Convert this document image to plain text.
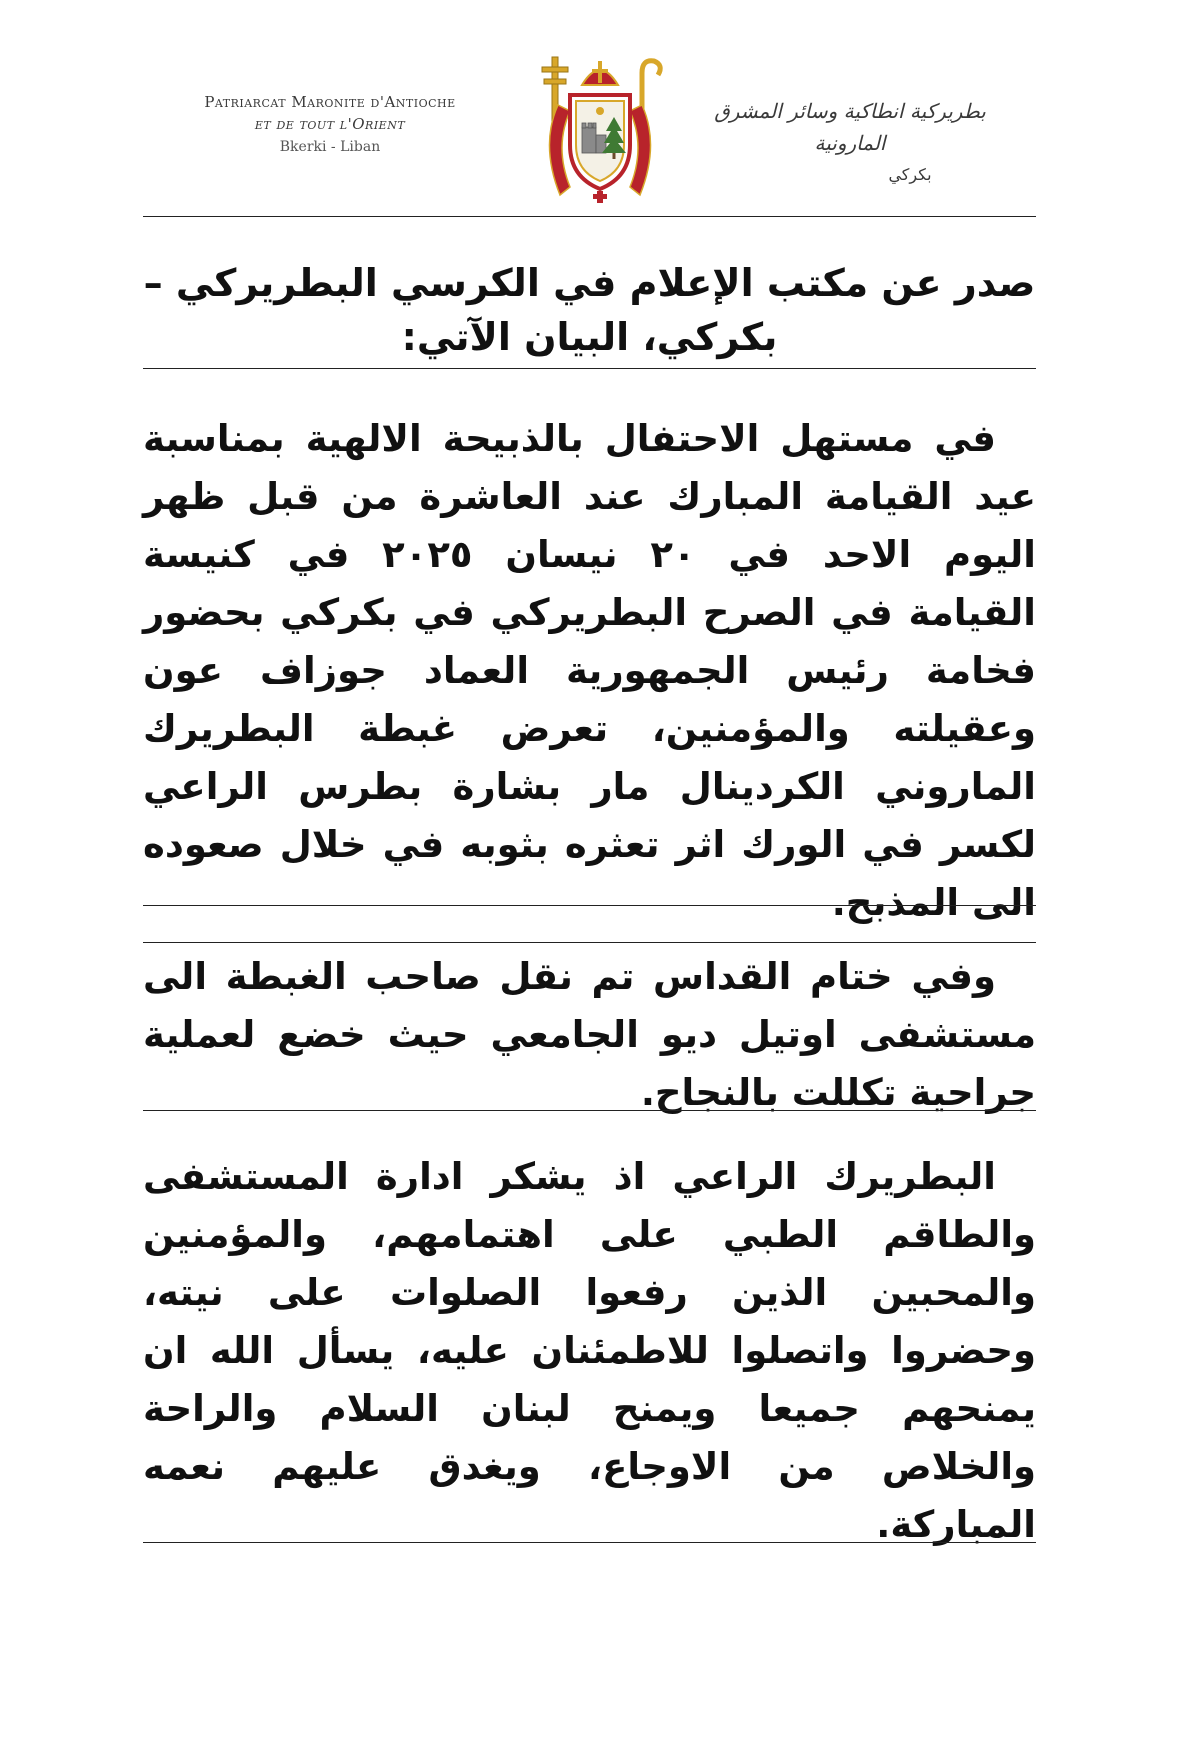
Patriarcat Maronite d'Antioche
et de tout l'Orient
Bkerki - Liban
بطريركية انطاكية وسائر المشرق المارونية
بكركي
صدر عن مكتب الإعلام في الكرسي البطريركي – بكركي، البيان الآتي:
في مستهل الاحتفال بالذبيحة الالهية بمناسبة عيد القيامة المبارك عند العاشرة من قبل ظهر اليوم الاحد في ٢٠ نيسان ٢٠٢٥ في كنيسة القيامة في الصرح البطريركي في بكركي بحضور فخامة رئيس الجمهورية العماد جوزاف عون وعقيلته والمؤمنين، تعرض غبطة البطريرك الماروني الكردينال مار بشارة بطرس الراعي لكسر في الورك اثر تعثره بثوبه في خلال صعوده الى المذبح.
وفي ختام القداس تم نقل صاحب الغبطة الى مستشفى اوتيل ديو الجامعي حيث خضع لعملية جراحية تكللت بالنجاح.
البطريرك الراعي اذ يشكر ادارة المستشفى والطاقم الطبي على اهتمامهم، والمؤمنين والمحبين الذين رفعوا الصلوات على نيته، وحضروا واتصلوا للاطمئنان عليه، يسأل الله ان يمنحهم جميعا ويمنح لبنان السلام والراحة والخلاص من الاوجاع، ويغدق عليهم نعمه المباركة.
